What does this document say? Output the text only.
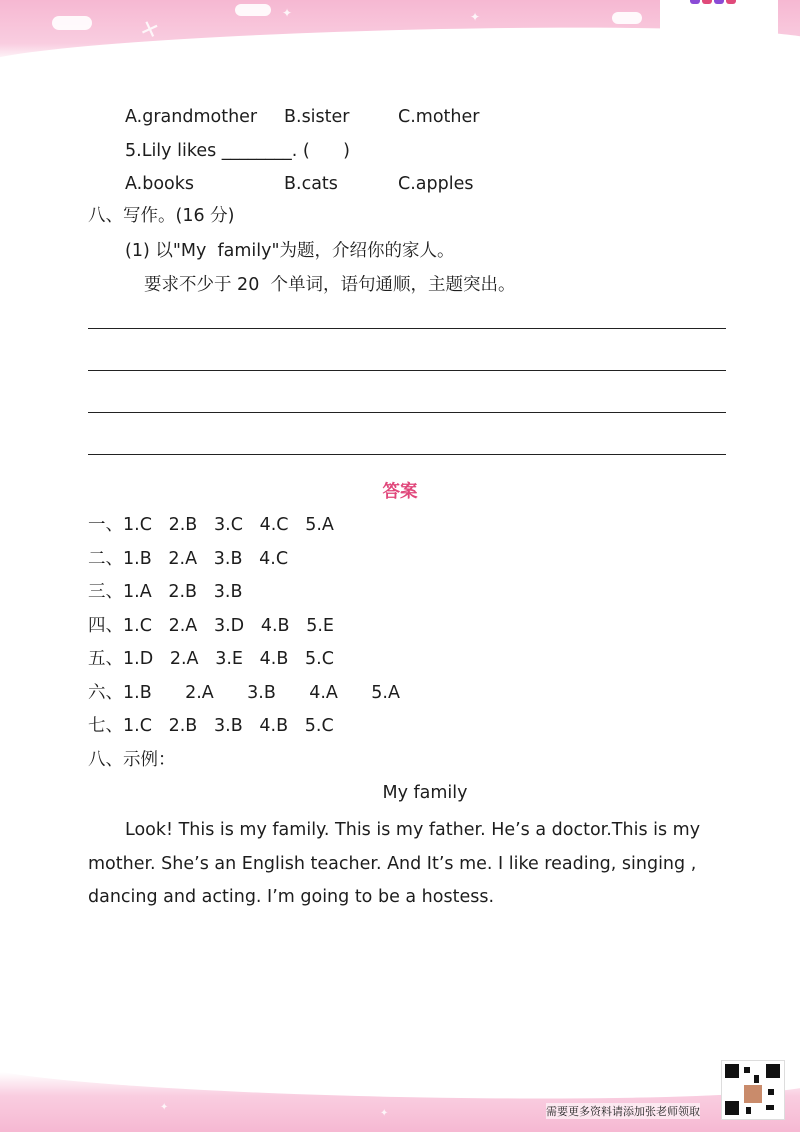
✕
✦	✦
A.grandmother B.sister	C.mother
5.Lily likes ________. (      )
A.books	B.cats	C.apples
八、写作。(16 分)
(1) 以"My  family"为题，介绍你的家人。
要求不少于 20  个单词，语句通顺，主题突出。
答案
一、1.C   2.B   3.C   4.C   5.A
二、1.B   2.A   3.B   4.C
三、1.A   2.B   3.B
四、1.C   2.A   3.D   4.B   5.E
五、1.D   2.A   3.E   4.B   5.C
六、1.B      2.A      3.B      4.A      5.A
七、1.C   2.B   3.B   4.B   5.C
八、示例：
My family
Look! This is my family. This is my father. He’s a doctor.This is my mother. She’s an English teacher. And It’s me. I like reading, singing , dancing and acting. I’m going to be a hostess.
✦
✦	需要更多资料请添加张老师领取
